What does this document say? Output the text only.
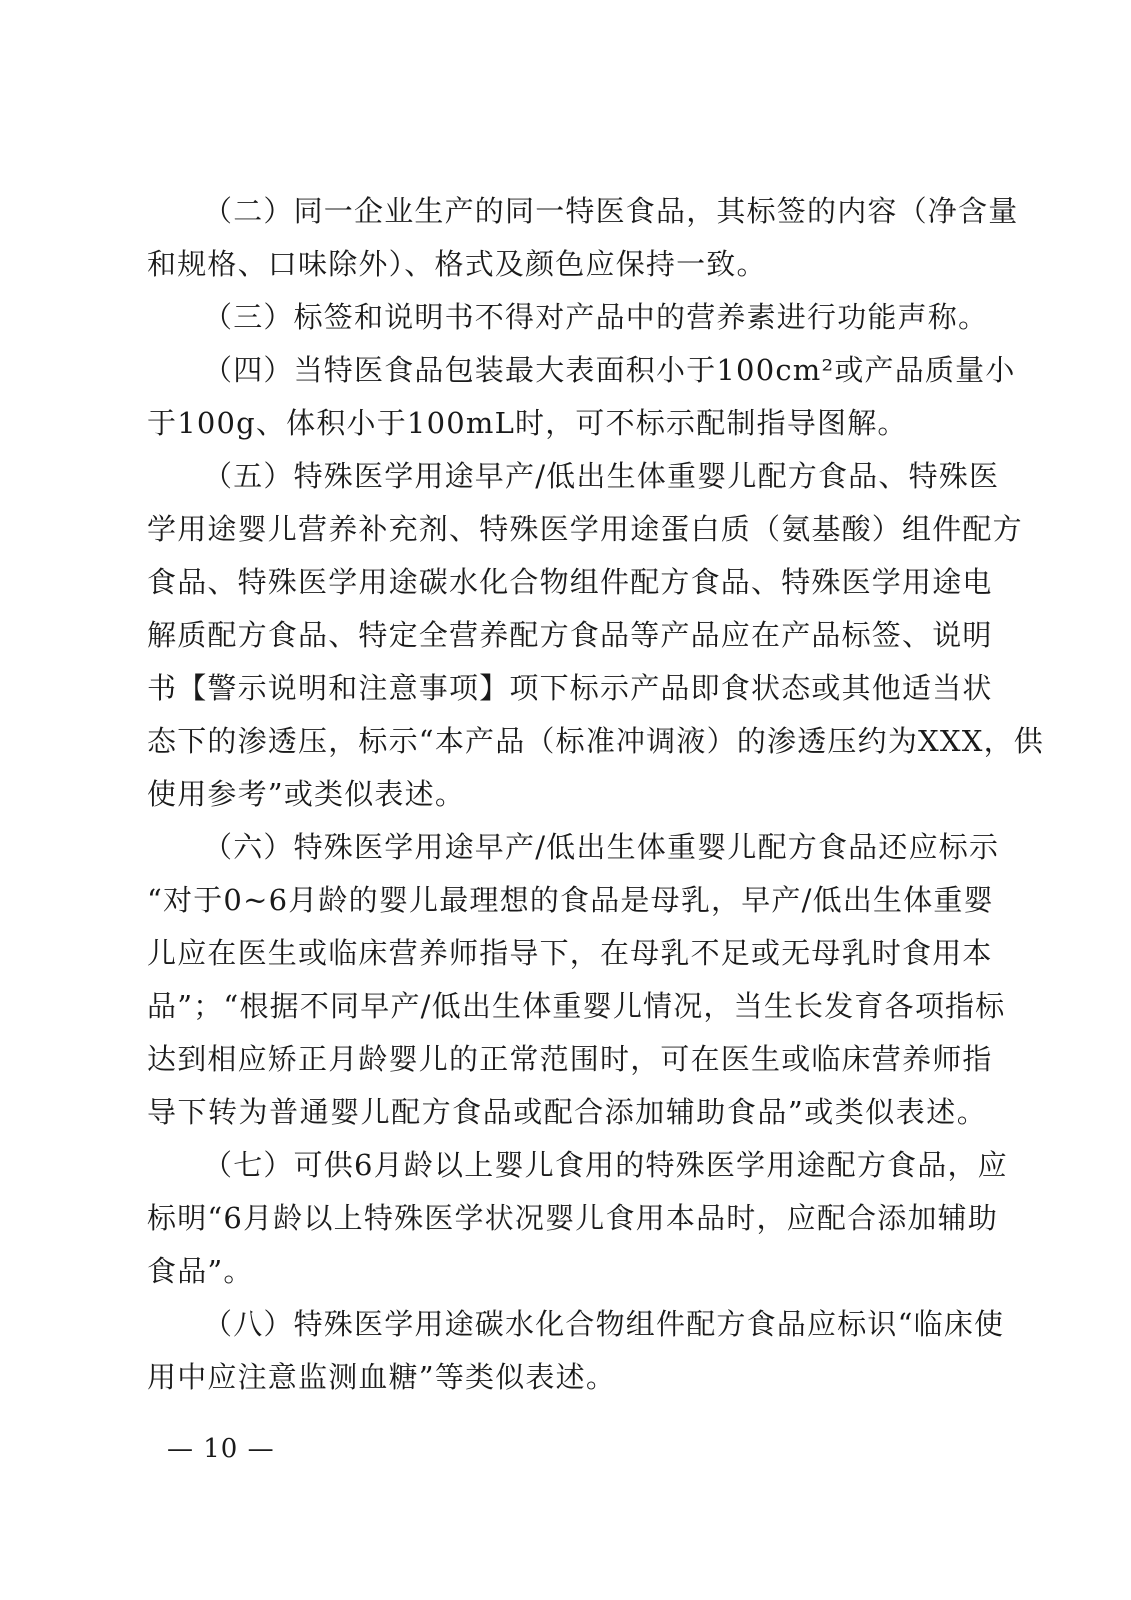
（二）同一企业生产的同一特医食品，其标签的内容（净含量
和规格、口味除外）、格式及颜色应保持一致。
（三）标签和说明书不得对产品中的营养素进行功能声称。
（四）当特医食品包装最大表面积小于100cm²或产品质量小
于100g、体积小于100mL时，可不标示配制指导图解。
（五）特殊医学用途早产/低出生体重婴儿配方食品、特殊医
学用途婴儿营养补充剂、特殊医学用途蛋白质（氨基酸）组件配方
食品、特殊医学用途碳水化合物组件配方食品、特殊医学用途电
解质配方食品、特定全营养配方食品等产品应在产品标签、说明
书【警示说明和注意事项】项下标示产品即食状态或其他适当状
态下的渗透压，标示“本产品（标准冲调液）的渗透压约为XXX，供
使用参考”或类似表述。
（六）特殊医学用途早产/低出生体重婴儿配方食品还应标示
“对于0~6月龄的婴儿最理想的食品是母乳，早产/低出生体重婴
儿应在医生或临床营养师指导下，在母乳不足或无母乳时食用本
品”；“根据不同早产/低出生体重婴儿情况，当生长发育各项指标
达到相应矫正月龄婴儿的正常范围时，可在医生或临床营养师指
导下转为普通婴儿配方食品或配合添加辅助食品”或类似表述。
（七）可供6月龄以上婴儿食用的特殊医学用途配方食品，应
标明“6月龄以上特殊医学状况婴儿食用本品时，应配合添加辅助
食品”。
（八）特殊医学用途碳水化合物组件配方食品应标识“临床使
用中应注意监测血糖”等类似表述。
— 10 —
